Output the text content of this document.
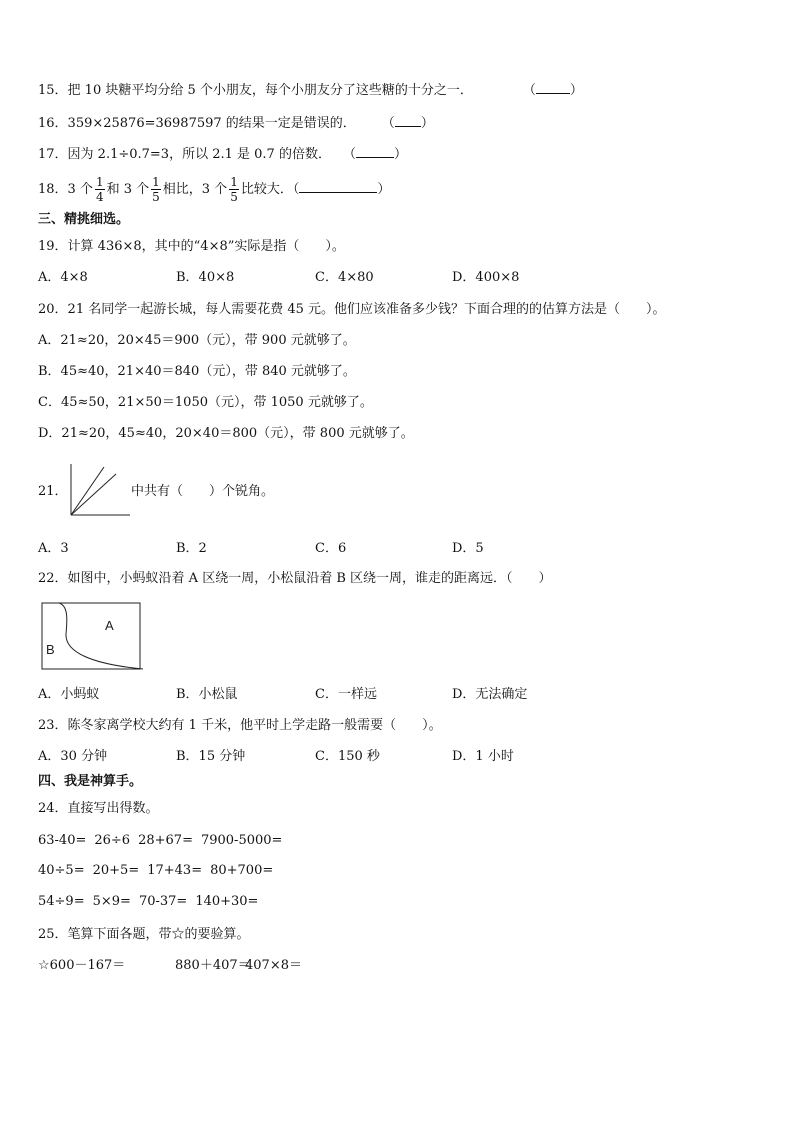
15．把 10 块糖平均分给 5 个小朋友，每个小朋友分了这些糖的十分之一．	（	）
16．359×25876=36987597 的结果一定是错误的． （ ）
17．因为 2.1÷0.7=3，所以 2.1 是 0.7 的倍数． （	）
18．3 个 $\frac{1}{4}$ 和 3 个 $\frac{1}{5}$ 相比，3 个 $\frac{1}{5}$ 比较大．（	）
三、精挑细选。
19．计算 436×8，其中的“4×8”实际是指（　　）。
A．4×8	B．40×8	C．4×80	D．400×8
20．21 名同学一起游长城，每人需要花费 45 元。他们应该准备多少钱？下面合理的的估算方法是（　　）。
A．21≈20，20×45＝900（元），带 900 元就够了。
B．45≈40，21×40＝840（元），带 840 元就够了。
C．45≈50，21×50＝1050（元），带 1050 元就够了。
D．21≈20，45≈40，20×40＝800（元），带 800 元就够了。
21．	中共有（　　）个锐角。
A．3	B．2	C．6	D．5
22．如图中，小蚂蚁沿着 A 区绕一周，小松鼠沿着 B 区绕一周，谁走的距离远．（　　）
A
B
A．小蚂蚁	B．小松鼠	C．一样远	D．无法确定
23．陈冬家离学校大约有 1 千米，他平时上学走路一般需要（　　）。
A．30 分钟	B．15 分钟	C．150 秒	D．1 小时
四、我是神算手。
24．直接写出得数。
63-40= 26÷6 28+67= 7900-5000=
40÷5= 20+5= 17+43= 80+700=
54÷9= 5×9= 70-37= 140+30=
25．笔算下面各题，带☆的要验算。
☆600－167＝	880＋407＝
407×8＝
